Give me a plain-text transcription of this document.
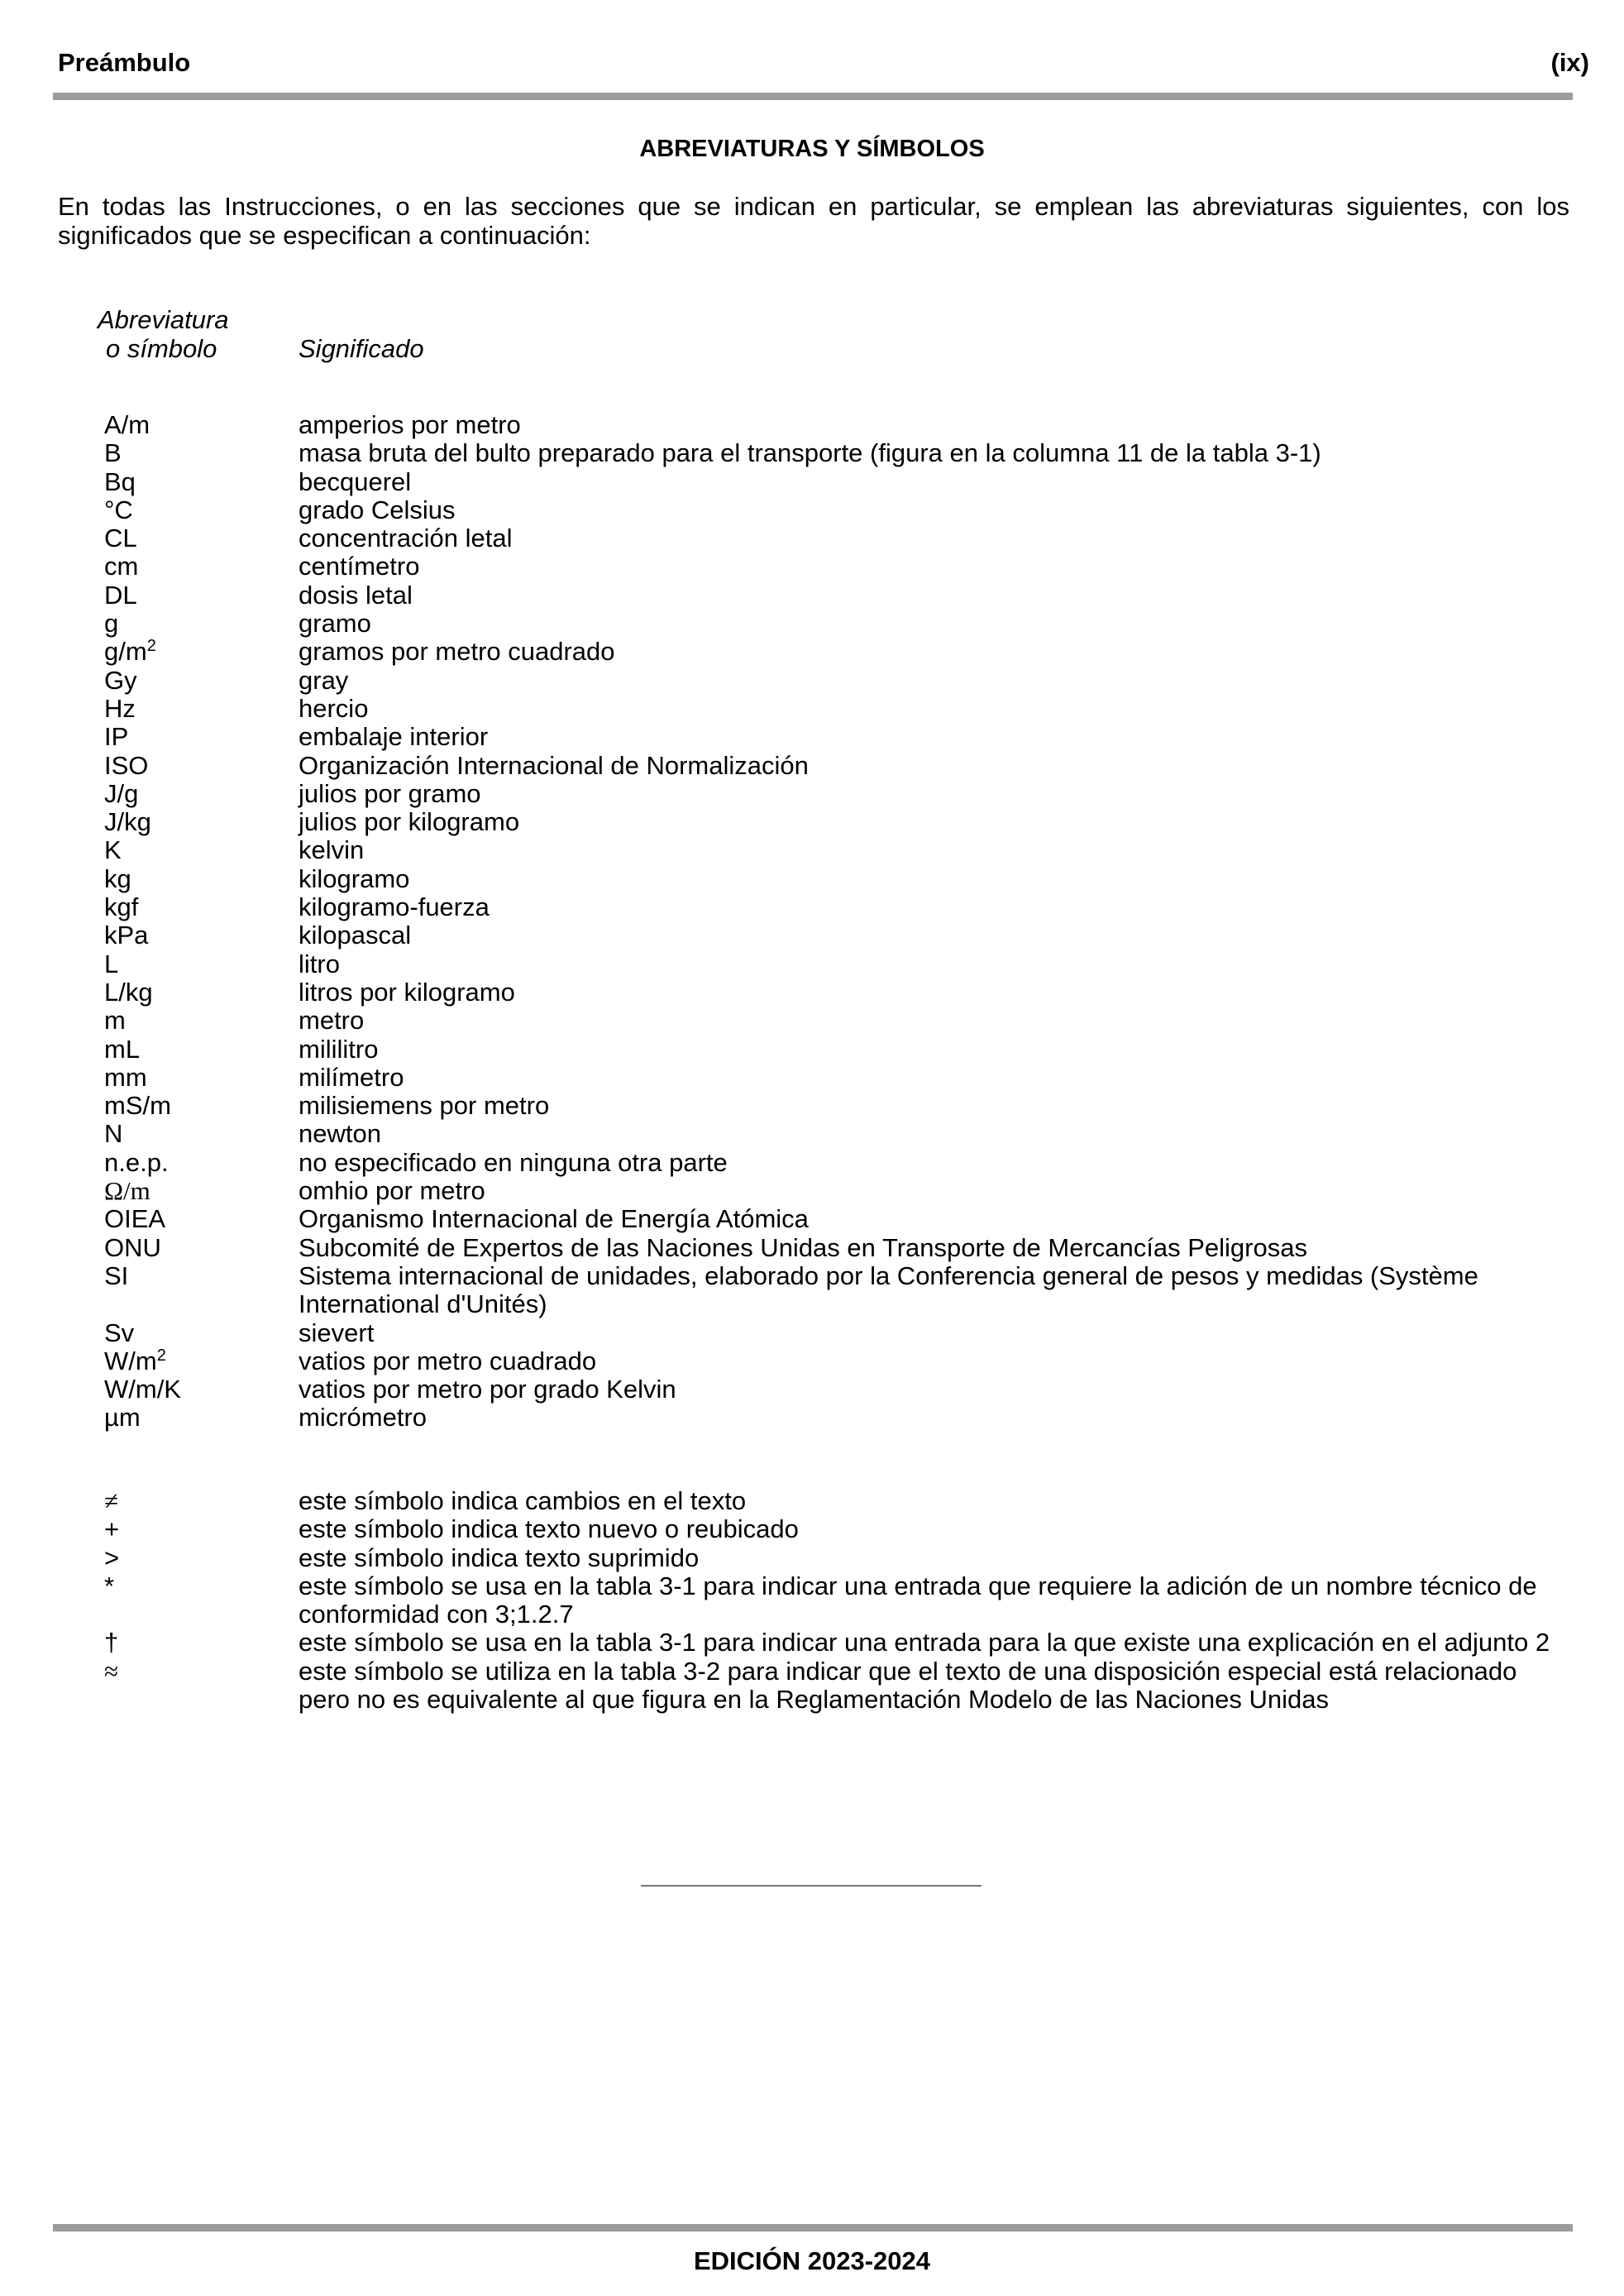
Preámbulo	(ix)
ABREVIATURAS Y SÍMBOLOS
En todas las Instrucciones, o en las secciones que se indican en particular, se emplean las abreviaturas siguientes, con los significados que se especifican a continuación:
Abreviatura
o símbolo	Significado
A/m	amperios por metro
B	masa bruta del bulto preparado para el transporte (figura en la columna 11 de la tabla 3-1)
Bq	becquerel
°C	grado Celsius
CL	concentración letal
cm	centímetro
DL	dosis letal
g	gramo
$g/m^2$	gramos por metro cuadrado
Gy	gray
Hz	hercio
IP	embalaje interior
ISO	Organización Internacional de Normalización
J/g	julios por gramo
J/kg	julios por kilogramo
K	kelvin
kg	kilogramo
kgf	kilogramo-fuerza
kPa	kilopascal
L	litro
L/kg	litros por kilogramo
m	metro
mL	mililitro
mm	milímetro
mS/m	milisiemens por metro
N	newton
n.e.p.	no especificado en ninguna otra parte
Ω/m	omhio por metro
OIEA	Organismo Internacional de Energía Atómica
ONU	Subcomité de Expertos de las Naciones Unidas en Transporte de Mercancías Peligrosas
SI	Sistema internacional de unidades, elaborado por la Conferencia general de pesos y medidas (Système International d'Unités)
Sv	sievert
$W/m^2$	vatios por metro cuadrado
W/m/K	vatios por metro por grado Kelvin
µm	micrómetro
≠	este símbolo indica cambios en el texto
+	este símbolo indica texto nuevo o reubicado
>	este símbolo indica texto suprimido
*	este símbolo se usa en la tabla 3-1 para indicar una entrada que requiere la adición de un nombre técnico de conformidad con 3;1.2.7
†	este símbolo se usa en la tabla 3-1 para indicar una entrada para la que existe una explicación en el adjunto 2
≈	este símbolo se utiliza en la tabla 3-2 para indicar que el texto de una disposición especial está relacionado pero no es equivalente al que figura en la Reglamentación Modelo de las Naciones Unidas
EDICIÓN 2023-2024
